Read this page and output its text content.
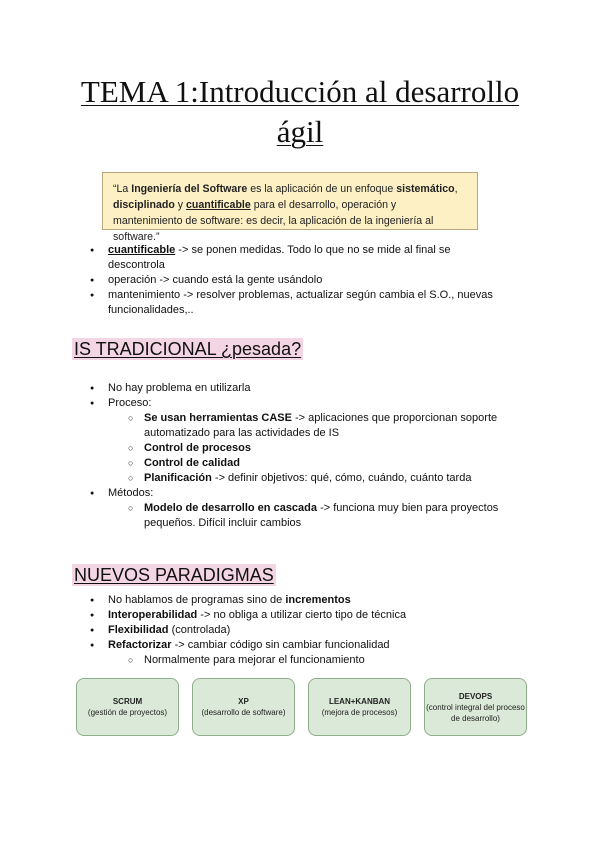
TEMA 1:Introducción al desarrollo
ágil
“La Ingeniería del Software es la aplicación de un enfoque sistemático,
disciplinado y cuantificable para el desarrollo, operación y mantenimiento de software: es decir, la aplicación de la ingeniería al software.”
● cuantificable -> se ponen medidas. Todo lo que no se mide al final se descontrola
● operación -> cuando está la gente usándolo
● mantenimiento -> resolver problemas, actualizar según cambia el S.O., nuevas funcionalidades,..
IS TRADICIONAL ¿pesada?
● No hay problema en utilizarla
● Proceso:
○ Se usan herramientas CASE -> aplicaciones que proporcionan soporte automatizado para las actividades de IS
○ Control de procesos
○ Control de calidad
○ Planificación -> definir objetivos: qué, cómo, cuándo, cuánto tarda
● Métodos:
○ Modelo de desarrollo en cascada -> funciona muy bien para proyectos pequeños. Difícil incluir cambios
NUEVOS PARADIGMAS
● No hablamos de programas sino de incrementos
● Interoperabilidad -> no obliga a utilizar cierto tipo de técnica
● Flexibilidad (controlada)
● Refactorizar -> cambiar código sin cambiar funcionalidad
○ Normalmente para mejorar el funcionamiento
SCRUM
(gestión de proyectos)
XP
(desarrollo de software)
LEAN+KANBAN
(mejora de procesos)
DEVOPS
(control integral del proceso de desarrollo)
